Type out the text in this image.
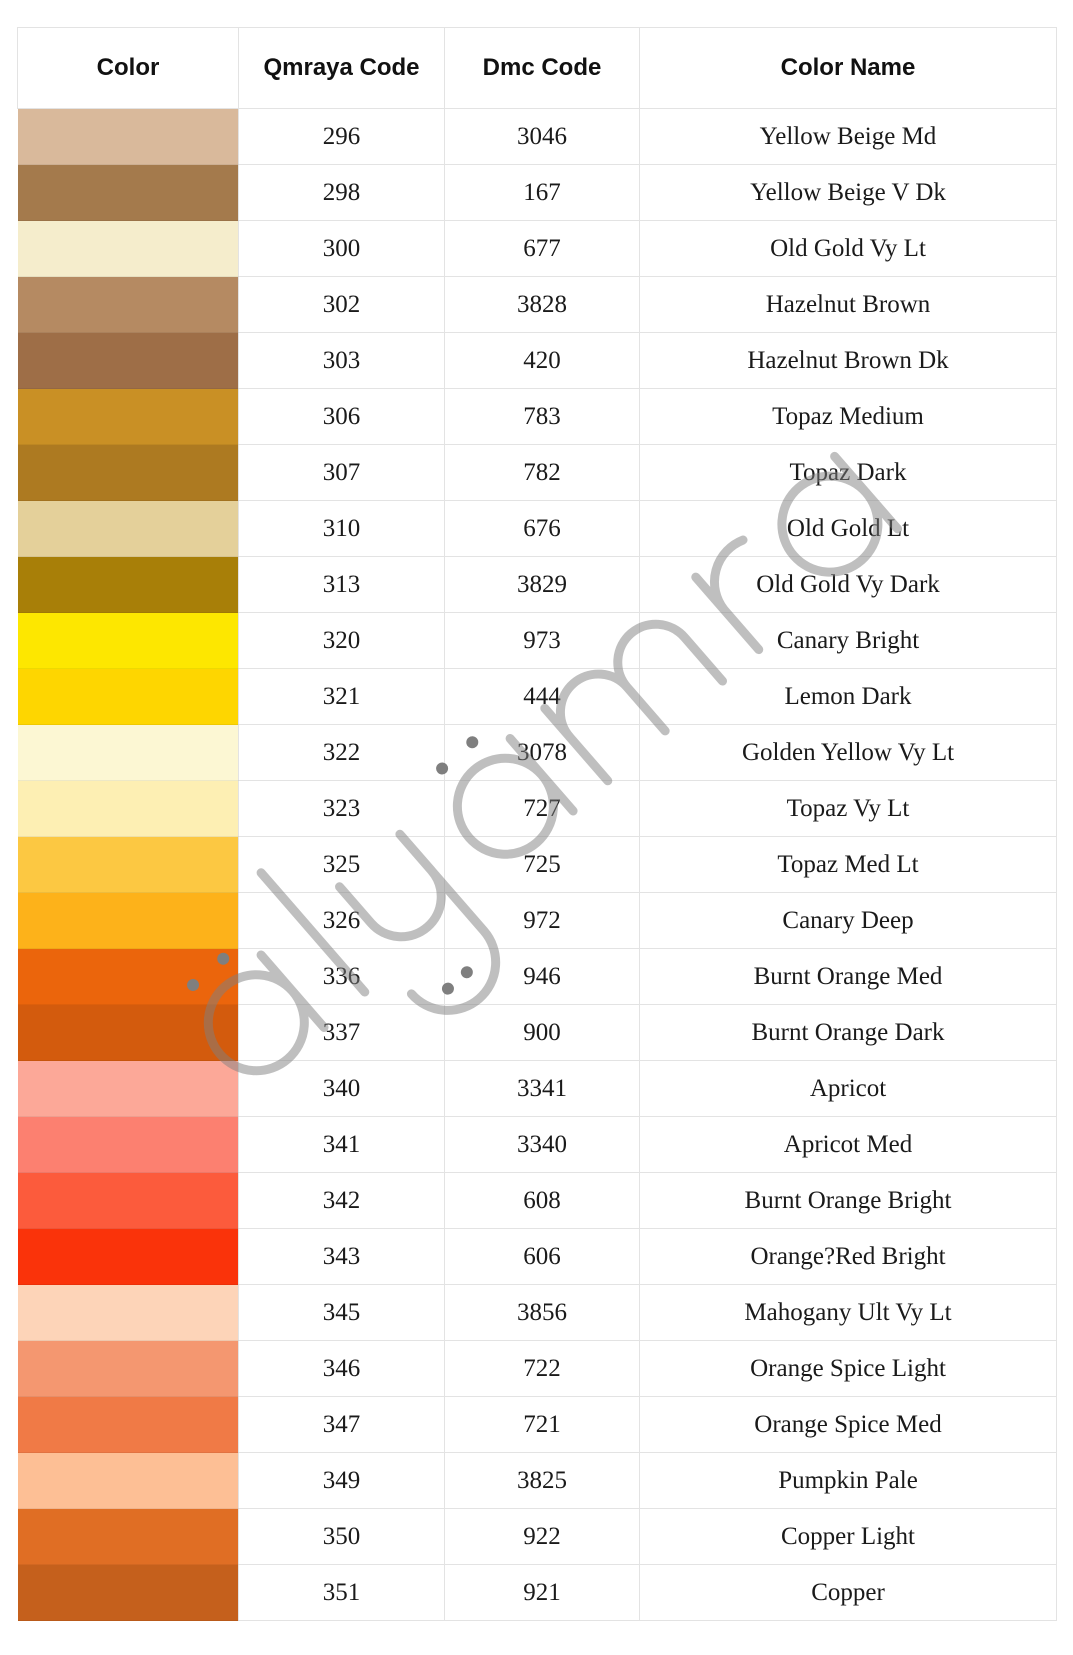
Color	Qmraya Code	Dmc Code	Color Name
	296	3046	Yellow Beige Md
	298	167	Yellow Beige V Dk
	300	677	Old Gold Vy Lt
	302	3828	Hazelnut Brown
	303	420	Hazelnut Brown Dk
	306	783	Topaz Medium
	307	782	Topaz Dark
	310	676	Old Gold Lt
	313	3829	Old Gold Vy Dark
	320	973	Canary Bright
	321	444	Lemon Dark
	322	3078	Golden Yellow Vy Lt
	323	727	Topaz Vy Lt
	325	725	Topaz Med Lt
	326	972	Canary Deep
	336	946	Burnt Orange Med
	337	900	Burnt Orange Dark
	340	3341	Apricot
	341	3340	Apricot Med
	342	608	Burnt Orange Bright
	343	606	Orange?Red Bright
	345	3856	Mahogany Ult Vy Lt
	346	722	Orange Spice Light
	347	721	Orange Spice Med
	349	3825	Pumpkin Pale
	350	922	Copper Light
	351	921	Copper
